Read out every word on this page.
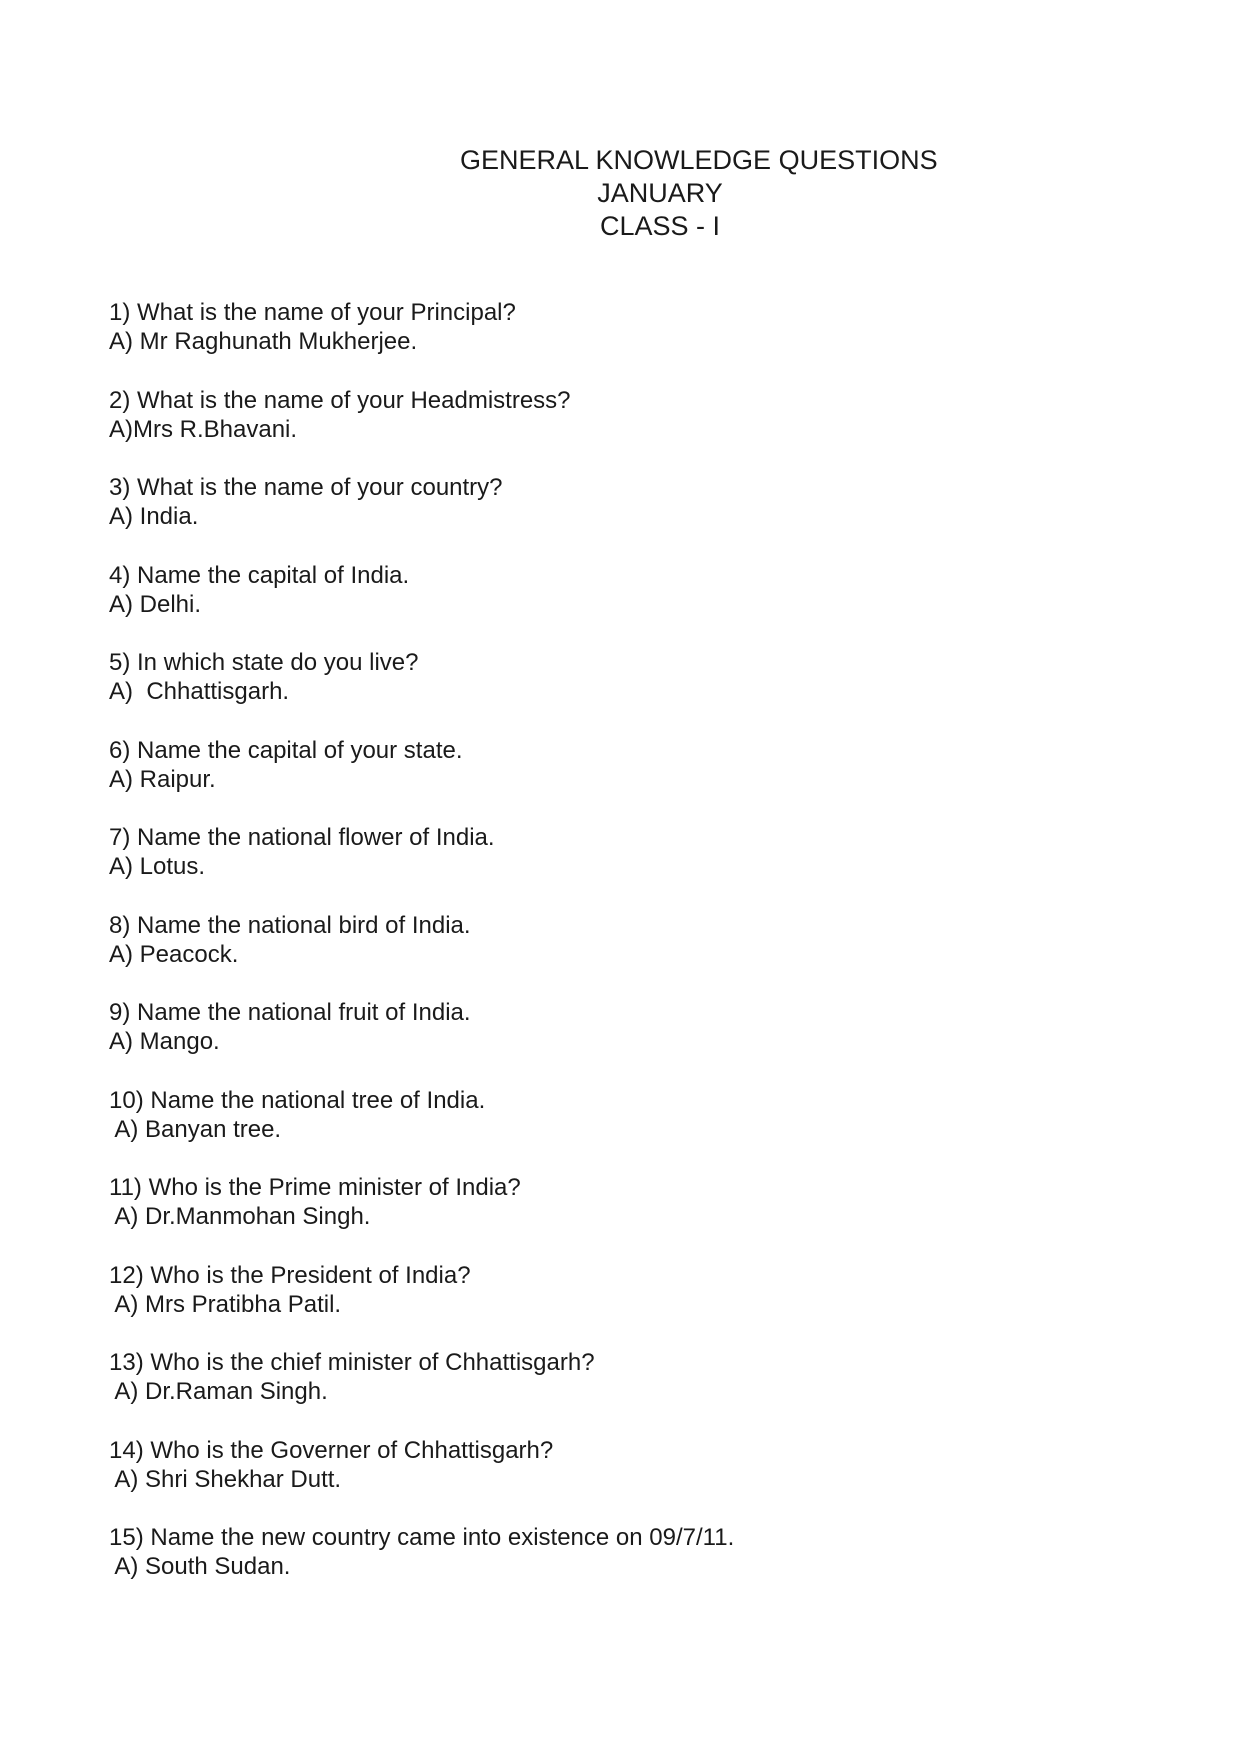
GENERAL KNOWLEDGE QUESTIONS
JANUARY
CLASS - I
1) What is the name of your Principal?
A) Mr Raghunath Mukherjee.
2) What is the name of your Headmistress?
A)Mrs R.Bhavani.
3) What is the name of your country?
A) India.
4) Name the capital of India.
A) Delhi.
5) In which state do you live?
A)  Chhattisgarh.
6) Name the capital of your state.
A) Raipur.
7) Name the national flower of India.
A) Lotus.
8) Name the national bird of India.
A) Peacock.
9) Name the national fruit of India.
A) Mango.
10) Name the national tree of India.
A) Banyan tree.
11) Who is the Prime minister of India?
A) Dr.Manmohan Singh.
12) Who is the President of India?
A) Mrs Pratibha Patil.
13) Who is the chief minister of Chhattisgarh?
A) Dr.Raman Singh.
14) Who is the Governer of Chhattisgarh?
A) Shri Shekhar Dutt.
15) Name the new country came into existence on 09/7/11.
A) South Sudan.
